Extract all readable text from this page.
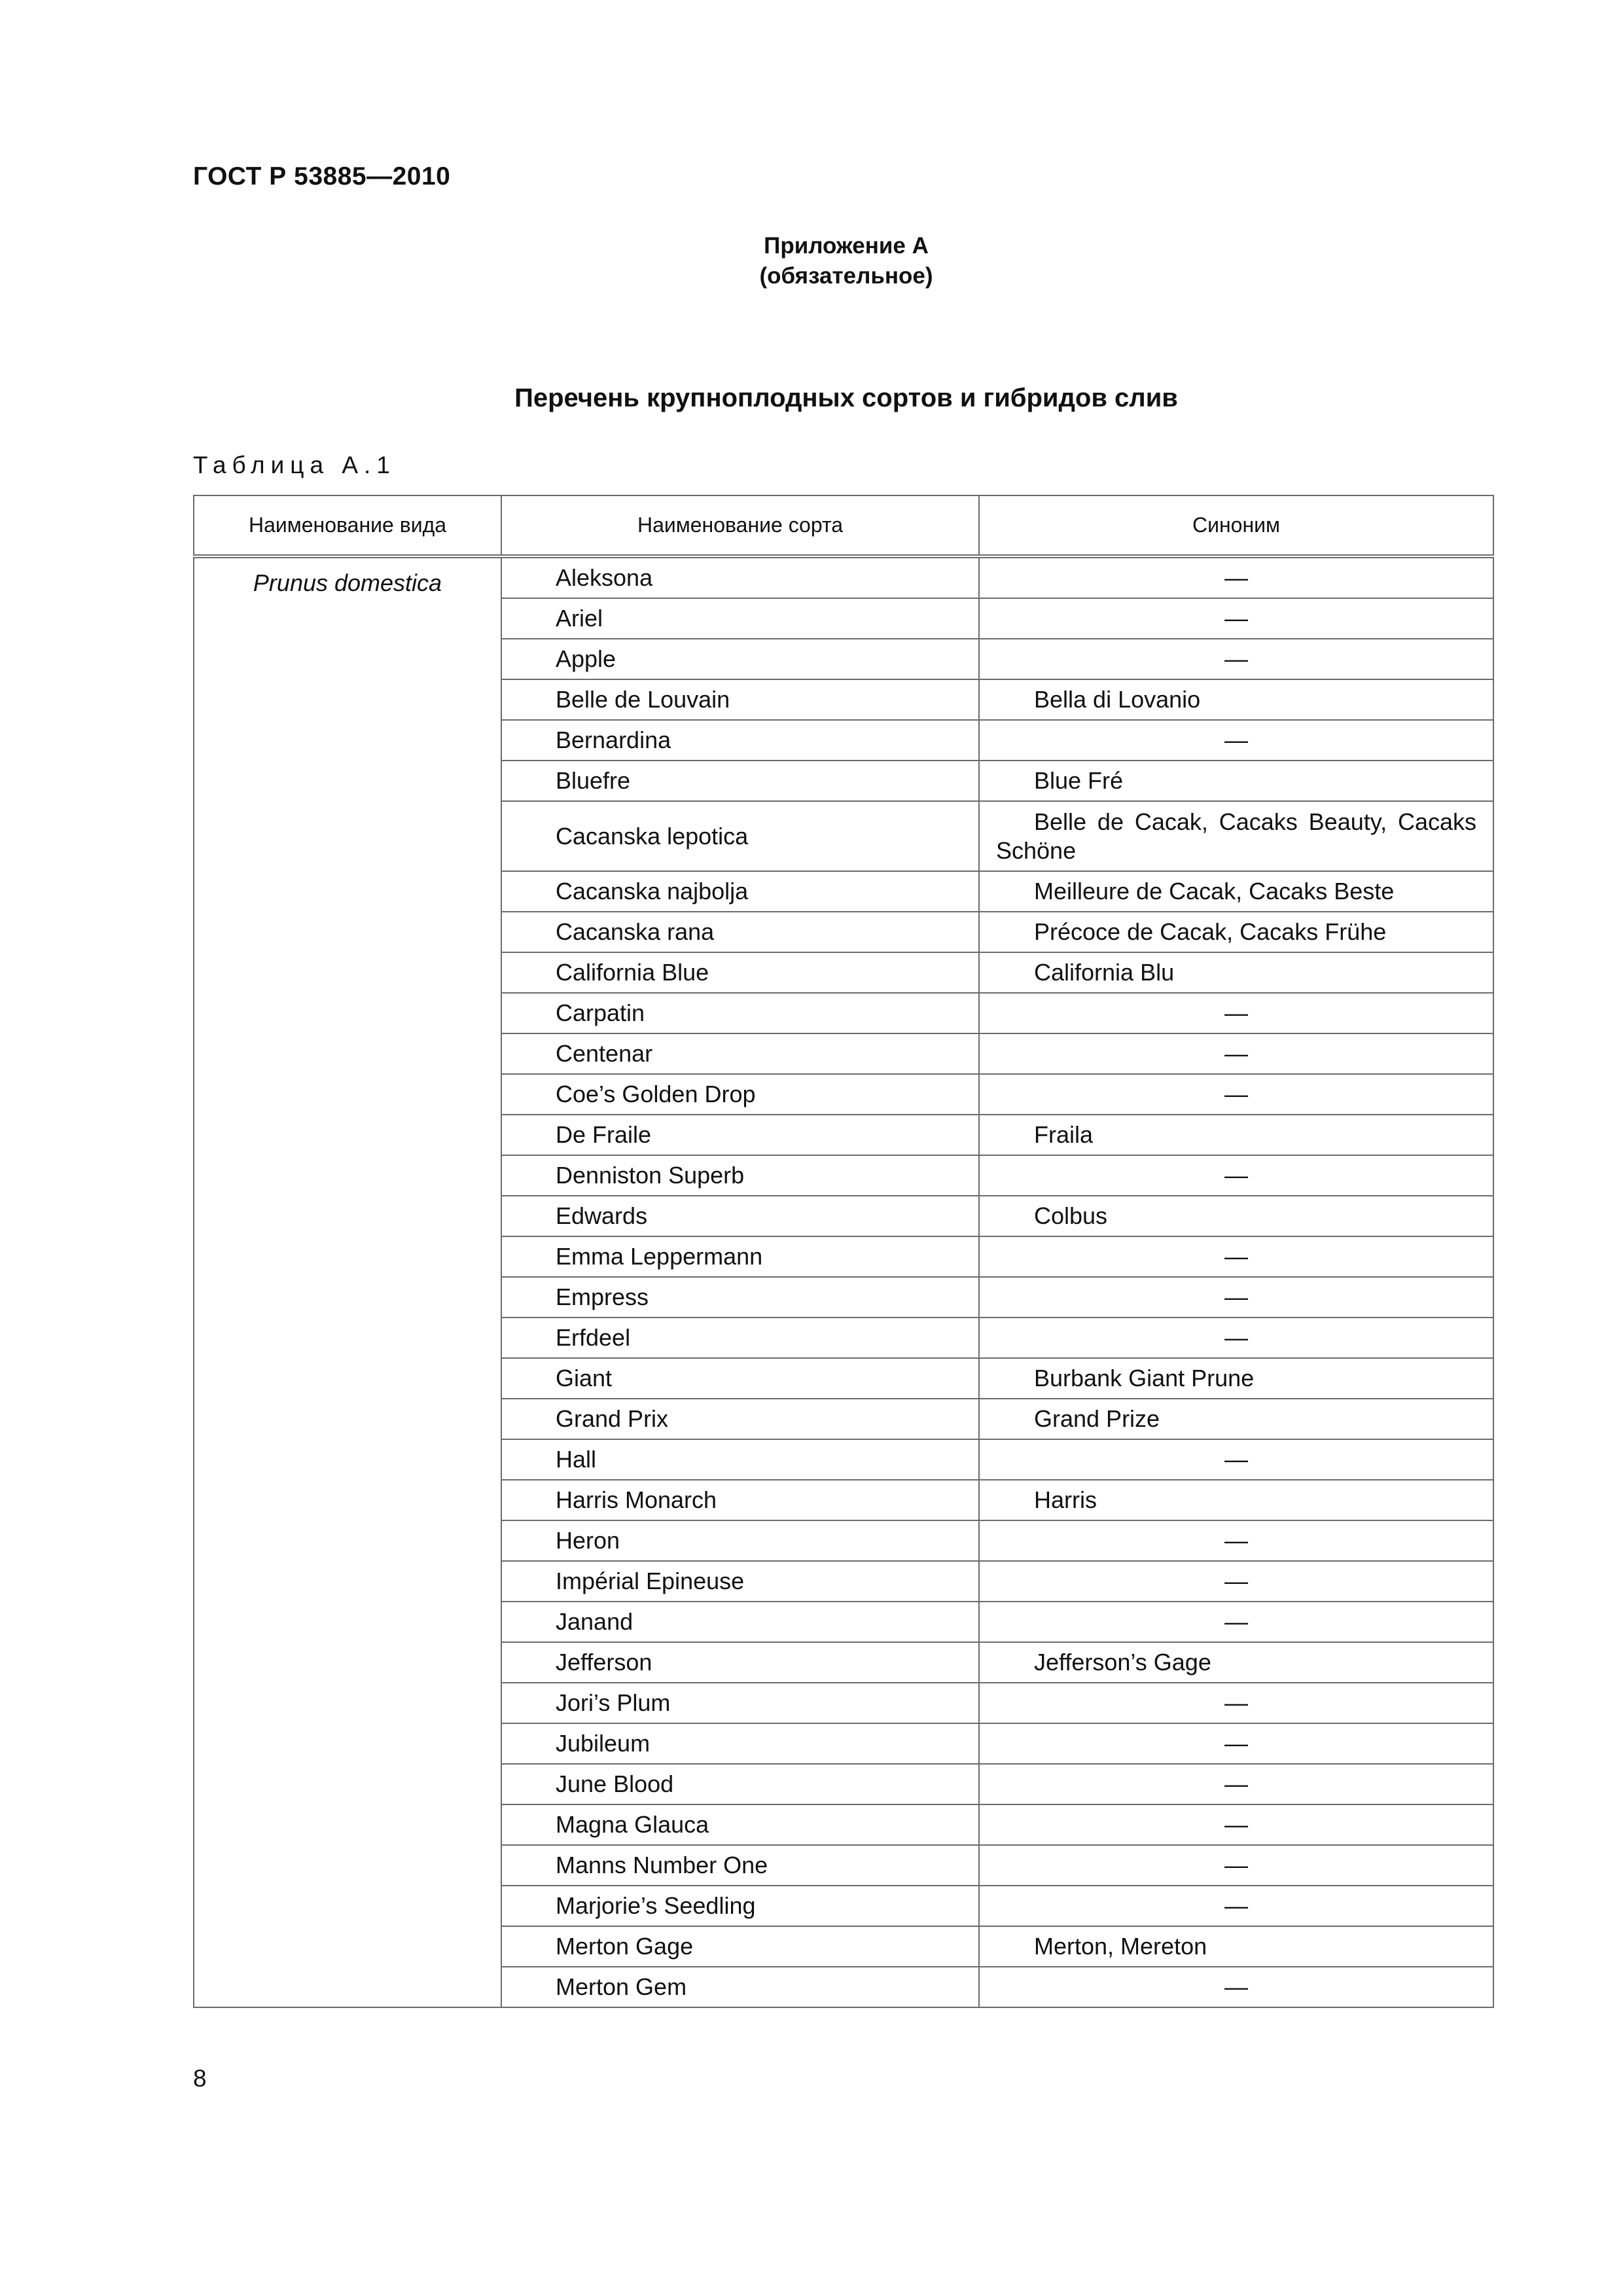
ГОСТ Р 53885—2010
Приложение А
(обязательное)
Перечень крупноплодных сортов и гибридов слив
Таблица А.1
Наименование вида	Наименование сорта	Синоним
Prunus domestica	Aleksona	—
	Ariel	—
	Apple	—
	Belle de Louvain	Bella di Lovanio
	Bernardina	—
	Bluefre	Blue Fré
	Cacanska lepotica	Belle de Cacak, Cacaks Beauty, Cacaks Schöne
	Cacanska najbolja	Meilleure de Cacak, Cacaks Beste
	Cacanska rana	Précoce de Cacak, Cacaks Frühe
	California Blue	California Blu
	Carpatin	—
	Centenar	—
	Coe’s Golden Drop	—
	De Fraile	Fraila
	Denniston Superb	—
	Edwards	Colbus
	Emma Leppermann	—
	Empress	—
	Erfdeel	—
	Giant	Burbank Giant Prune
	Grand Prix	Grand Prize
	Hall	—
	Harris Monarch	Harris
	Heron	—
	Impérial Epineuse	—
	Janand	—
	Jefferson	Jefferson’s Gage
	Jori’s Plum	—
	Jubileum	—
	June Blood	—
	Magna Glauca	—
	Manns Number One	—
	Marjorie’s Seedling	—
	Merton Gage	Merton, Mereton
	Merton Gem	—
8
